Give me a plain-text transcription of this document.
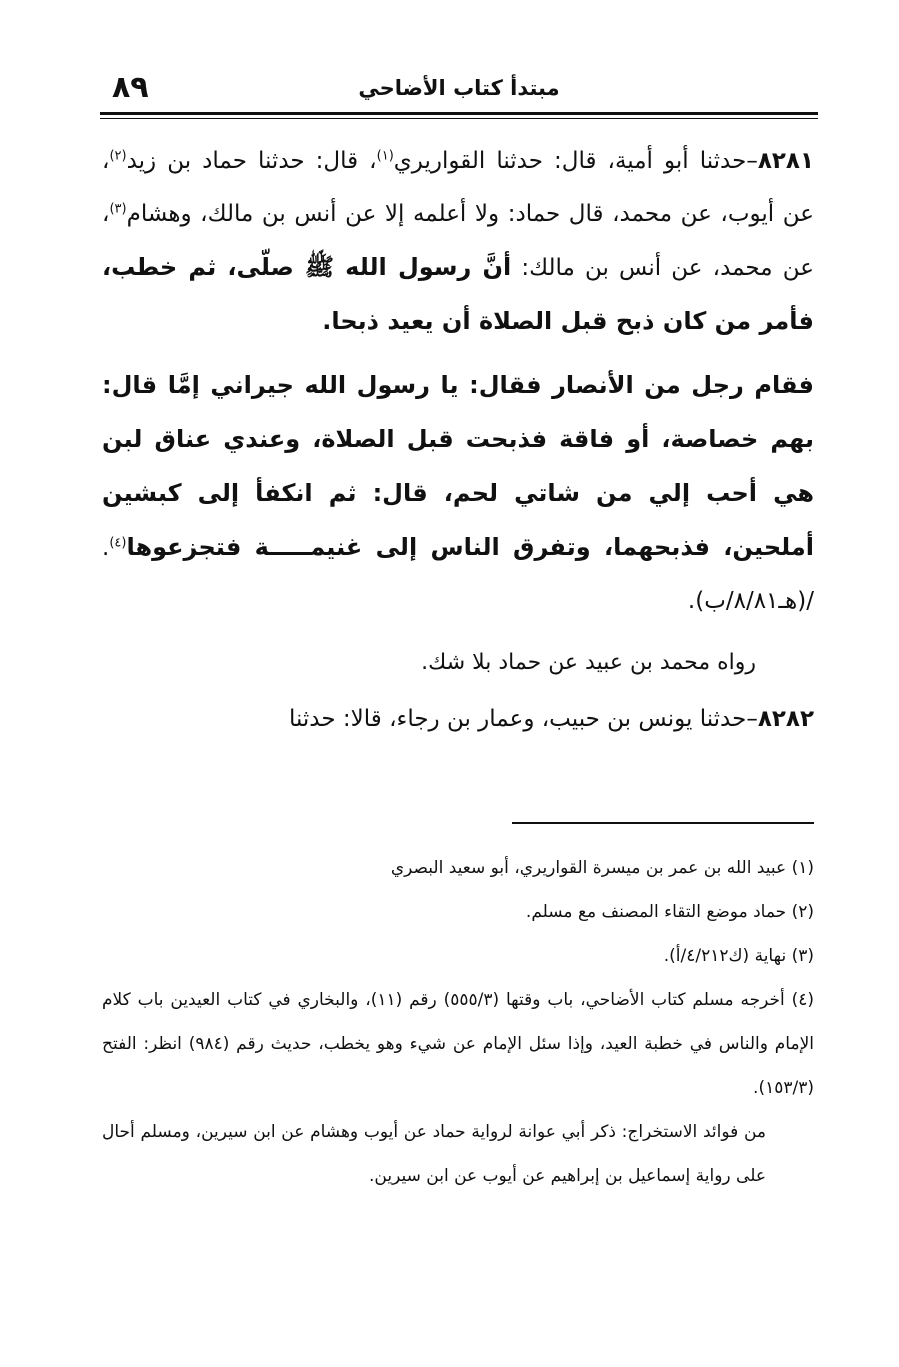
٨٩	مبتدأ كتاب الأضاحي

٨٢٨١–حدثنا أبو أمية، قال: حدثنا القواريري$^{(١)}$، قال: حدثنا حماد بن زيد$^{(٢)}$، عن أيوب، عن محمد، قال حماد: ولا أعلمه إلا عن أنس بن مالك، وهشام$^{(٣)}$، عن محمد، عن أنس بن مالك: أنَّ رسول الله ﷺ صلّى، ثم خطب، فأمر من كان ذبح قبل الصلاة أن يعيد ذبحا.

فقام رجل من الأنصار فقال: يا رسول الله جيراني إمَّا قال: بهم خصاصة، أو فاقة فذبحت قبل الصلاة، وعندي عناق لبن هي أحب إلي من شاتي لحم، قال: ثم انكفأ إلى كبشين أملحين، فذبحهما، وتفرق الناس إلى غنيمـــــة فتجزعوها$^{(٤)}$. /(هـ٨/٨١/ب).

رواه محمد بن عبيد عن حماد بلا شك.

٨٢٨٢–حدثنا يونس بن حبيب، وعمار بن رجاء، قالا: حدثنا

(١) عبيد الله بن عمر بن ميسرة القواريري، أبو سعيد البصري

(٢) حماد موضع التقاء المصنف مع مسلم.

(٣) نهاية (ك٤/٢١٢/أ).

(٤) أخرجه مسلم كتاب الأضاحي، باب وقتها (٥٥٥/٣) رقم (١١)، والبخاري في كتاب العيدين باب كلام الإمام والناس في خطبة العيد، وإذا سئل الإمام عن شيء وهو يخطب، حديث رقم (٩٨٤) انظر: الفتح (١٥٣/٣).

من فوائد الاستخراج: ذكر أبي عوانة لرواية حماد عن أيوب وهشام عن ابن سيرين، ومسلم أحال على رواية إسماعيل بن إبراهيم عن أيوب عن ابن سيرين.
